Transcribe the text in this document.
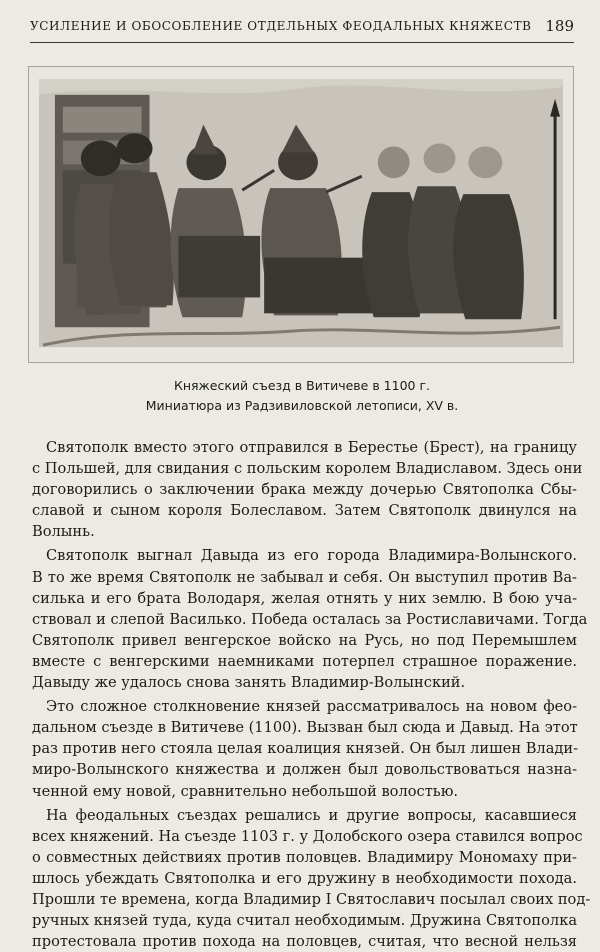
УСИЛЕНИЕ И ОБОСОБЛЕНИЕ ОТДЕЛЬНЫХ ФЕОДАЛЬНЫХ КНЯЖЕСТВ 189
Княжеский съезд в Витичеве в 1100 г.
Миниатюра из Радзивиловской летописи, XV в.

Святополк вместо этого отправился в Берестье (Брест), на границу
с Польшей, для свидания с польским королем Владиславом. Здесь они
договорились о заключении брака между дочерью Святополка Сбы-
славой и сыном короля Болеславом. Затем Святополк двинулся на
Волынь.

Святополк выгнал Давыда из его города Владимира-Волынского.
В то же время Святополк не забывал и себя. Он выступил против Ва-
силька и его брата Володаря, желая отнять у них землю. В бою уча-
ствовал и слепой Василько. Победа осталась за Ростиславичами. Тогда
Святополк привел венгерское войско на Русь, но под Перемышлем
вместе с венгерскими наемниками потерпел страшное поражение.
Давыду же удалось снова занять Владимир-Волынский.

Это сложное столкновение князей рассматривалось на новом фео-
дальном съезде в Витичеве (1100). Вызван был сюда и Давыд. На этот
раз против него стояла целая коалиция князей. Он был лишен Влади-
миро-Волынского княжества и должен был довольствоваться назна-
ченной ему новой, сравнительно небольшой волостью.

На феодальных съездах решались и другие вопросы, касавшиеся
всех княжений. На съезде 1103 г. у Долобского озера ставился вопрос
о совместных действиях против половцев. Владимиру Мономаху при-
шлось убеждать Святополка и его дружину в необходимости похода.
Прошли те времена, когда Владимир I Святославич посылал своих под-
ручных князей туда, куда считал необходимым. Дружина Святополка
протестовала против похода на половцев, считая, что весной нельзя
